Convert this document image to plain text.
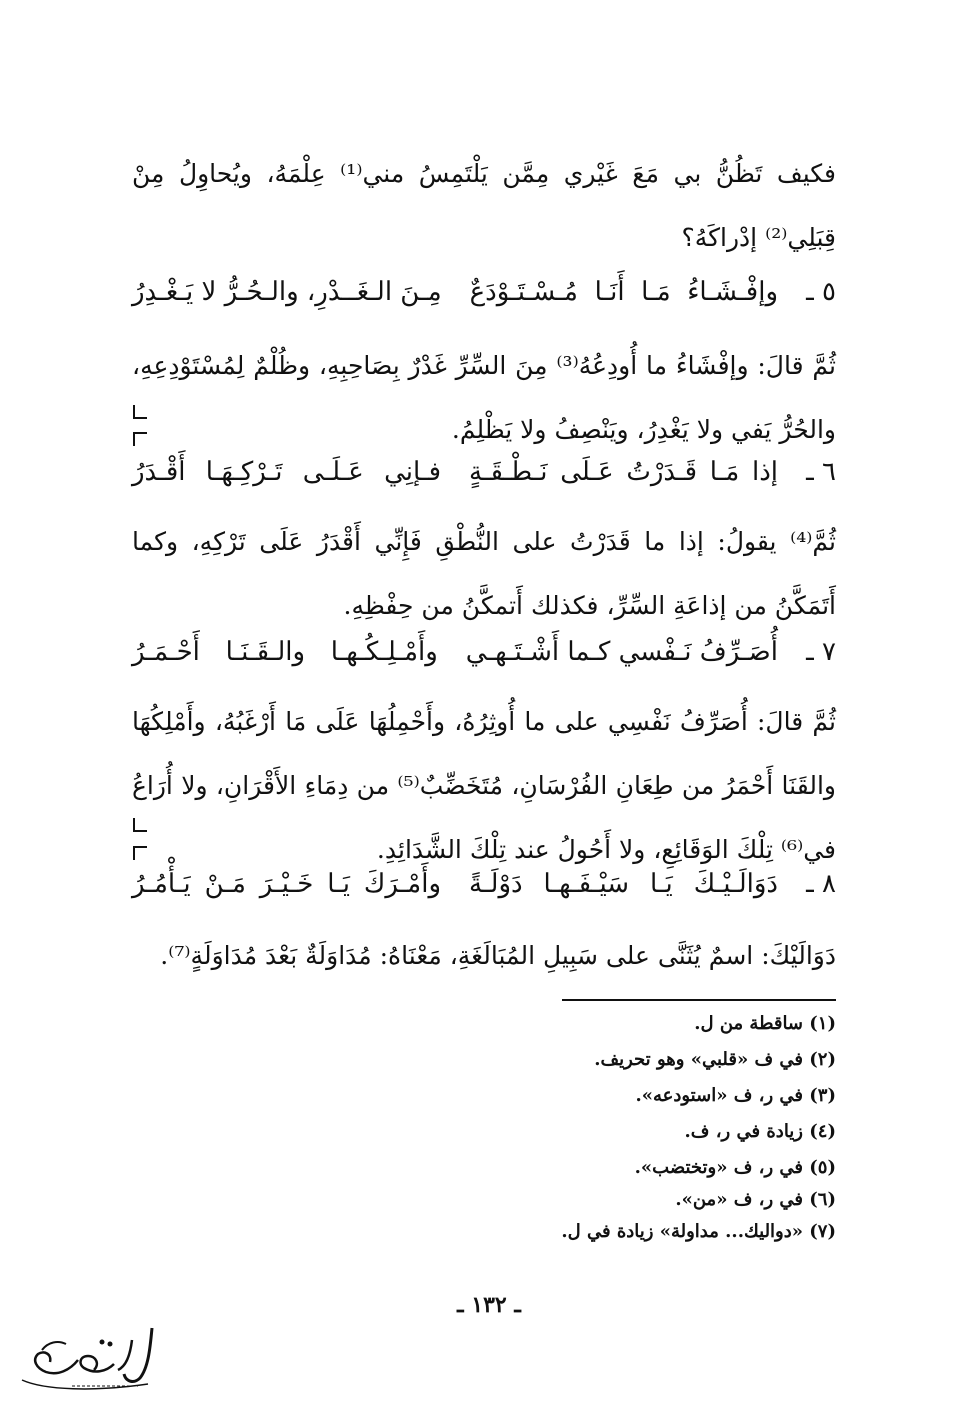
فكيف تَظُنُّ بي مَعَ غَيْري مِمَّن يَلْتَمِسُ مني⁽¹⁾ عِلْمَهُ، ويُحاوِلُ مِنْ قِبَلِي⁽²⁾ إدْراكَهُ؟
٥ ـ
وإفْـشَـاءُ مَـا أَنَـا مُـسْـتَـوْدَعٌ
مِـنَ الـغَــدْرِ، والـحُـرُّ لا يَـغْـدِرُ
ثُمَّ قالَ: وإفْشَاءُ ما أُودِعُهُ⁽³⁾ مِنَ السِّرِّ غَدْرٌ بِصَاحِبِهِ، وظُلْمٌ لِمُسْتَوْدِعِهِ، والحُرُّ يَفي ولا يَغْدِرُ، ويَنْصِفُ ولا يَظْلِمُ.
٦ ـ
إذا مَـا قَـدَرْتُ عَـلَى نَـطْـقَـةٍ
فـإنِي عَـلَـى تَـرْكِـهَـا أَقْـدَرُ
ثُمَّ⁽⁴⁾ يقولُ: إذا ما قَدَرْتُ على النُّطْقِ فَإِنِّي أَقْدَرُ عَلَى تَرْكِهِ، وكما أَتَمَكَّنُ من إذاعَةِ السِّرِّ، فكذلك أَتمكَّنُ من حِفْظِهِ.
٧ ـ
أُصَـرِّفُ نَـفْسي كـما أَشْـتَـهـي
وأَمْـلِـكُـهـا والـقَـنَـا أَحْـمَـرُ
ثُمَّ قالَ: أُصَرِّفُ نَفْسِي على ما أُوثِرُهُ، وأَحْمِلُهَا عَلَى مَا أَرْغَبُهُ، وأَمْلِكُهَا والقَنَا أَحْمَرُ من طِعَانِ الفُرْسَانِ، مُتَخَضِّبٌ⁽⁵⁾ من دِمَاءِ الأَقْرَانِ، ولا أُرَاعُ في⁽⁶⁾ تِلْكَ الوَقَائِعِ، ولا أَحُولُ عند تِلْكَ الشَّدَائِدِ.
٨ ـ
دَوَالَـيْـكَ يَـا سَيْـفَـهـا دَوْلَـةً
وأَمْـرَكَ يَـا خَـيْـرَ مَـنْ يَـأْمُـرُ
دَوَالَيْكَ: اسمٌ يُثَنَّى على سَبِيلِ المُبَالَغَةِ، مَعْنَاهُ: مُدَاوَلَةٌ بَعْدَ مُدَاوَلَةٍ⁽⁷⁾.
(١) ساقطة من ل.
(٢) في ف «قلبي» وهو تحريف.
(٣) في ر، ف «استودعه».
(٤) زيادة في ر، ف.
(٥) في ر، ف «وتختضب».
(٦) في ر، ف «من».
(٧) «دواليك... مداولة» زيادة في ل.
ـ ١٣٢ ـ
